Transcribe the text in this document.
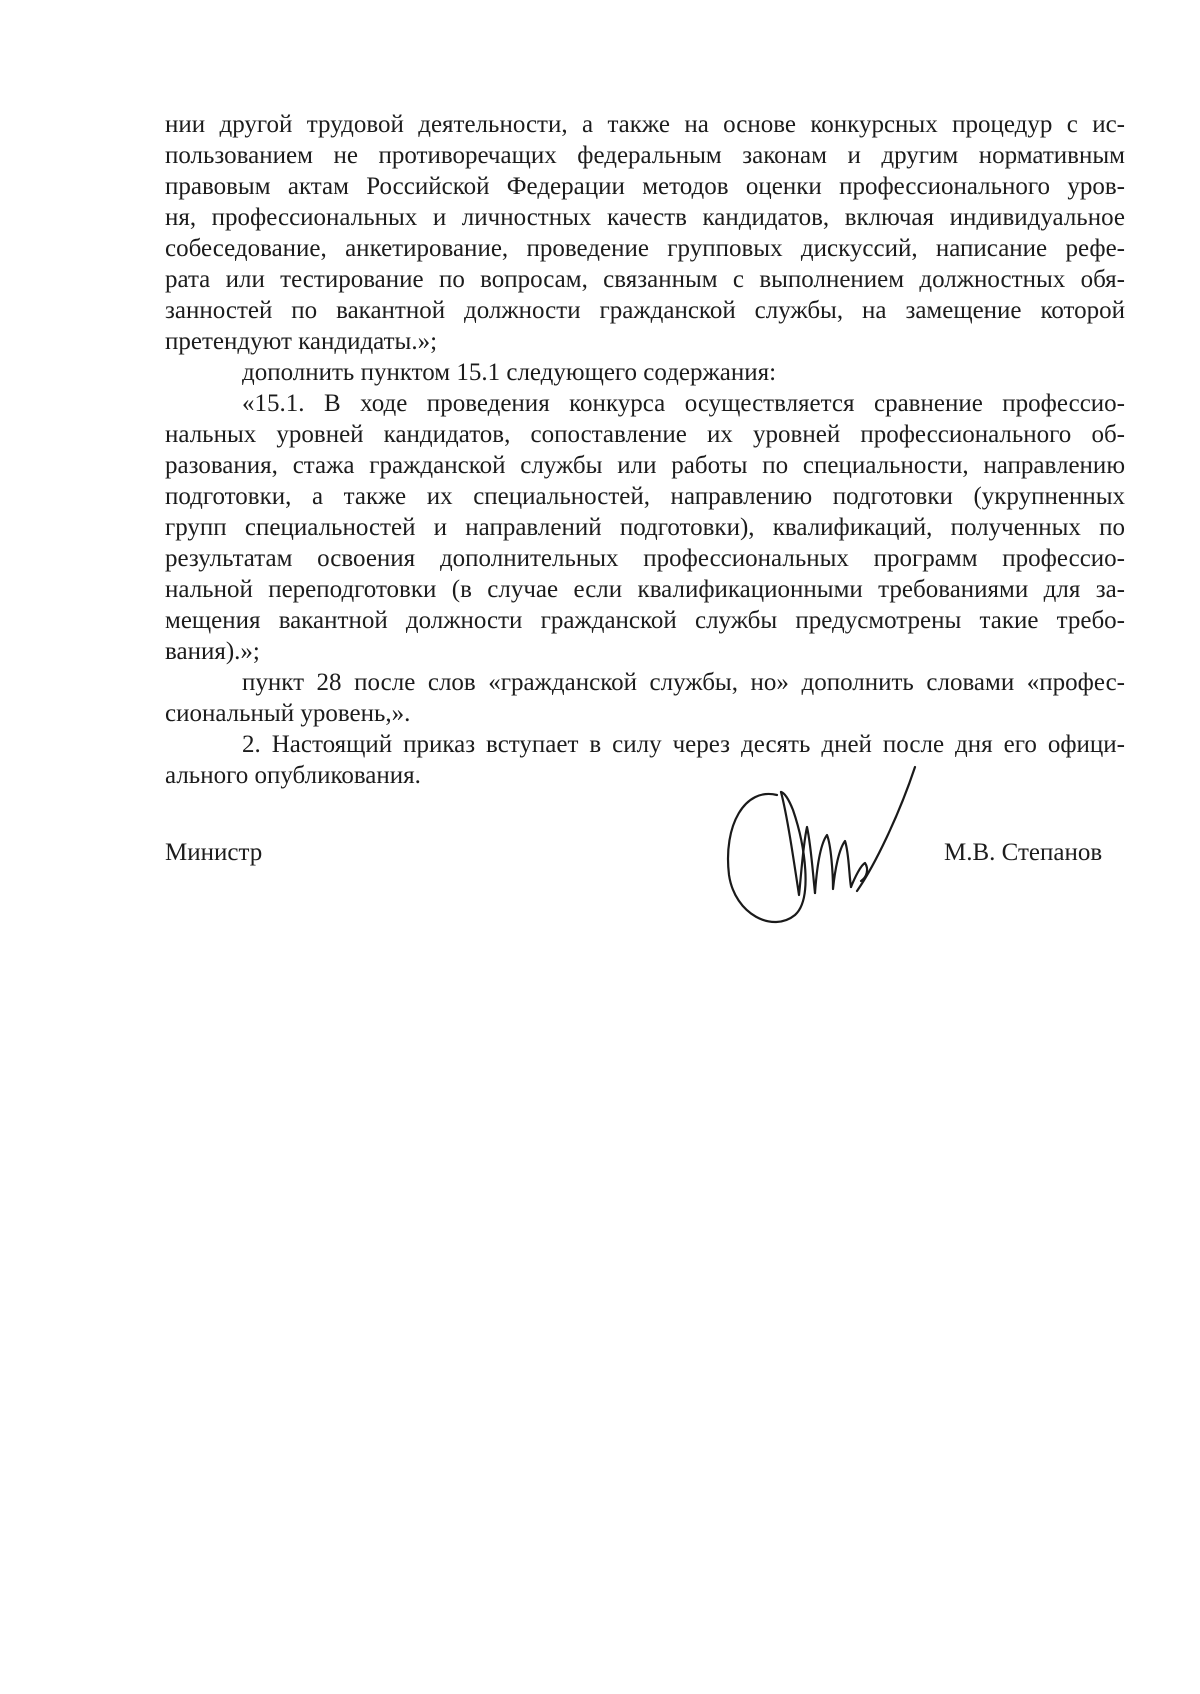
нии другой трудовой деятельности, а также на основе конкурсных процедур с ис-
пользованием не противоречащих федеральным законам и другим нормативным
правовым актам Российской Федерации методов оценки профессионального уров-
ня, профессиональных и личностных качеств кандидатов, включая индивидуальное
собеседование, анкетирование, проведение групповых дискуссий, написание рефе-
рата или тестирование по вопросам, связанным с выполнением должностных обя-
занностей по вакантной должности гражданской службы, на замещение которой
претендуют кандидаты.»;
дополнить пунктом 15.1 следующего содержания:
«15.1. В ходе проведения конкурса осуществляется сравнение профессио-
нальных уровней кандидатов, сопоставление их уровней профессионального об-
разования, стажа гражданской службы или работы по специальности, направлению
подготовки, а также их специальностей, направлению подготовки (укрупненных
групп специальностей и направлений подготовки), квалификаций, полученных по
результатам освоения дополнительных профессиональных программ профессио-
нальной переподготовки (в случае если квалификационными требованиями для за-
мещения вакантной должности гражданской службы предусмотрены такие требо-
вания).»;
пункт 28 после слов «гражданской службы, но» дополнить словами «профес-
сиональный уровень,».
2. Настоящий приказ вступает в силу через десять дней после дня его офици-
ального опубликования.
Министр	М.В. Степанов
